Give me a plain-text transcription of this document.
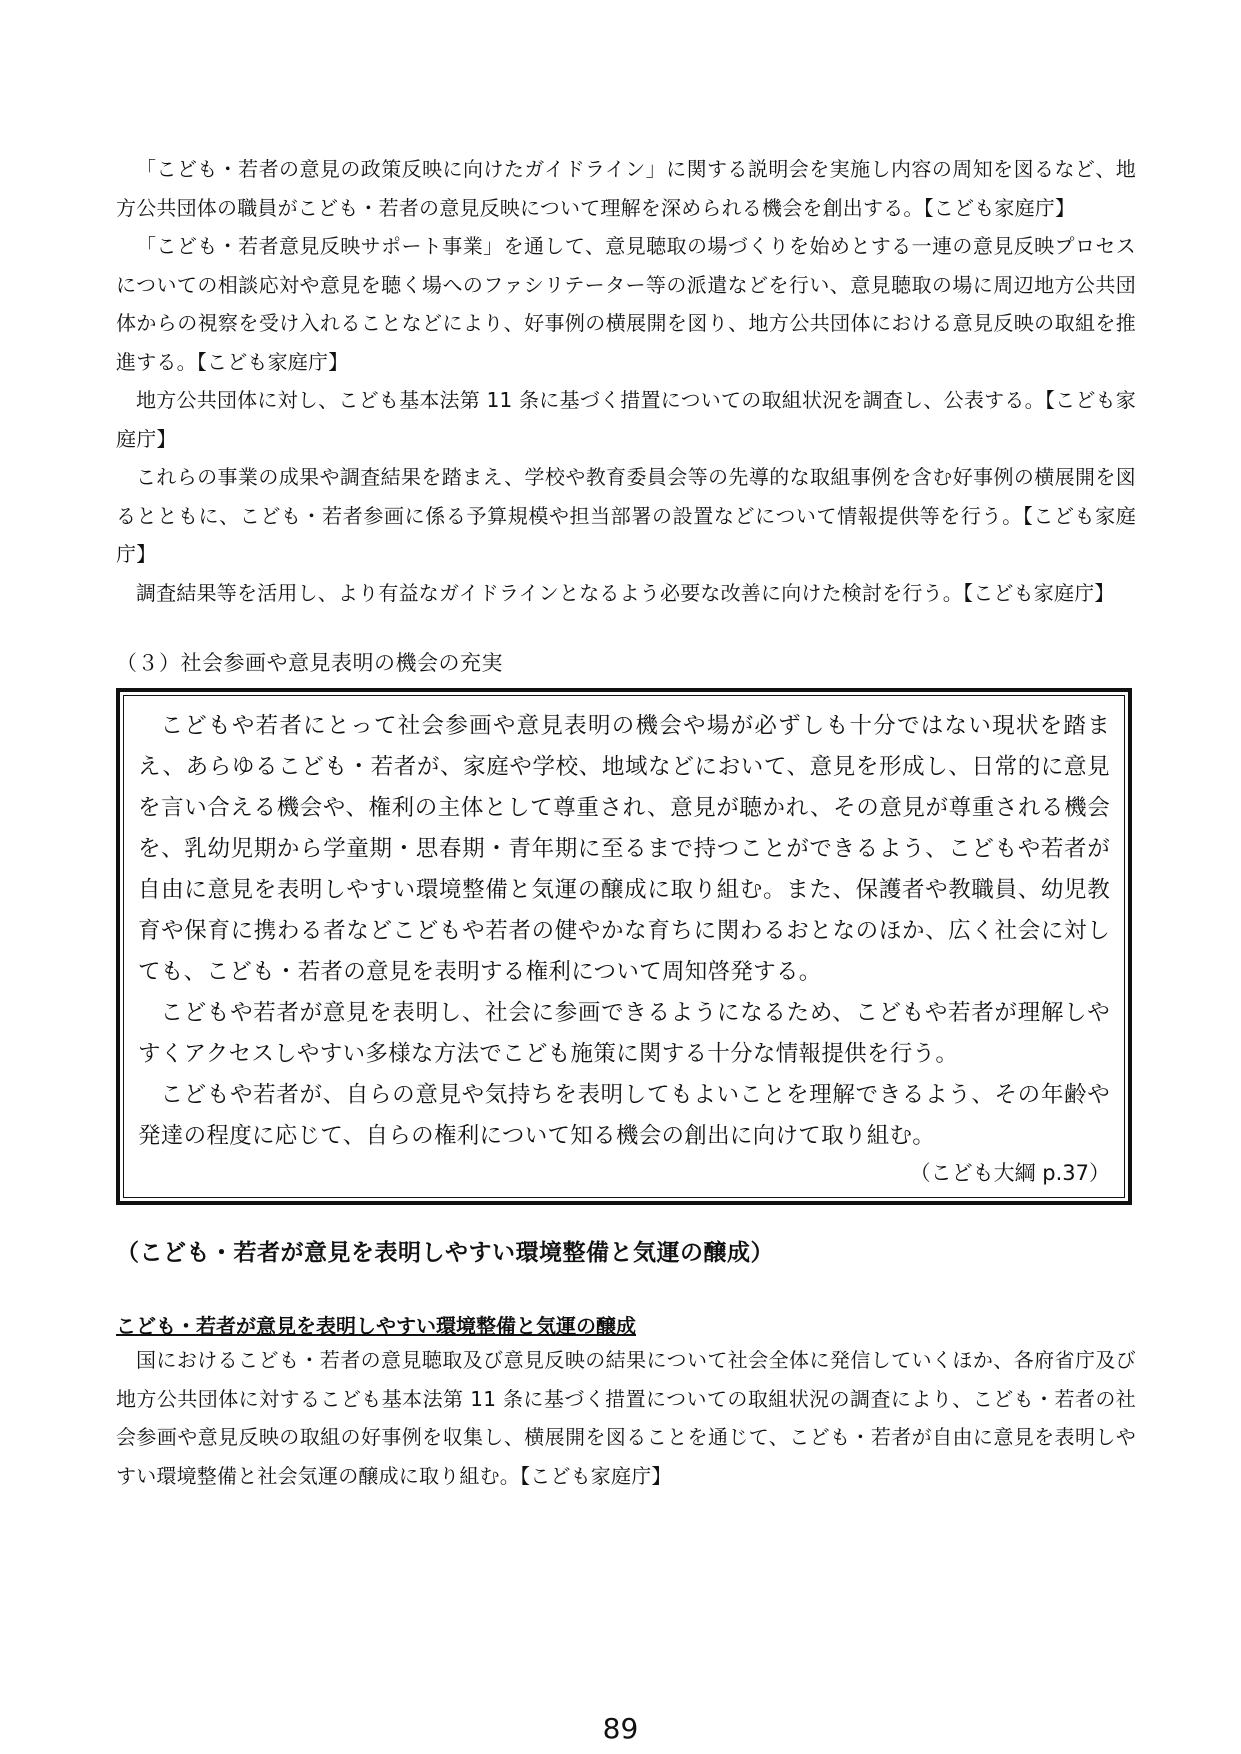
「こども・若者の意見の政策反映に向けたガイドライン」に関する説明会を実施し内容の周知を図るなど、地方公共団体の職員がこども・若者の意見反映について理解を深められる機会を創出する。【こども家庭庁】

「こども・若者意見反映サポート事業」を通して、意見聴取の場づくりを始めとする一連の意見反映プロセスについての相談応対や意見を聴く場へのファシリテーター等の派遣などを行い、意見聴取の場に周辺地方公共団体からの視察を受け入れることなどにより、好事例の横展開を図り、地方公共団体における意見反映の取組を推進する。【こども家庭庁】

地方公共団体に対し、こども基本法第 11 条に基づく措置についての取組状況を調査し、公表する。【こども家庭庁】

これらの事業の成果や調査結果を踏まえ、学校や教育委員会等の先導的な取組事例を含む好事例の横展開を図るとともに、こども・若者参画に係る予算規模や担当部署の設置などについて情報提供等を行う。【こども家庭庁】

調査結果等を活用し、より有益なガイドラインとなるよう必要な改善に向けた検討を行う。【こども家庭庁】

（３）社会参画や意見表明の機会の充実

こどもや若者にとって社会参画や意見表明の機会や場が必ずしも十分ではない現状を踏まえ、あらゆるこども・若者が、家庭や学校、地域などにおいて、意見を形成し、日常的に意見を言い合える機会や、権利の主体として尊重され、意見が聴かれ、その意見が尊重される機会を、乳幼児期から学童期・思春期・青年期に至るまで持つことができるよう、こどもや若者が自由に意見を表明しやすい環境整備と気運の醸成に取り組む。また、保護者や教職員、幼児教育や保育に携わる者などこどもや若者の健やかな育ちに関わるおとなのほか、広く社会に対しても、こども・若者の意見を表明する権利について周知啓発する。

こどもや若者が意見を表明し、社会に参画できるようになるため、こどもや若者が理解しやすくアクセスしやすい多様な方法でこども施策に関する十分な情報提供を行う。

こどもや若者が、自らの意見や気持ちを表明してもよいことを理解できるよう、その年齢や発達の程度に応じて、自らの権利について知る機会の創出に向けて取り組む。

（こども大綱 p.37）

（こども・若者が意見を表明しやすい環境整備と気運の醸成）
こども・若者が意見を表明しやすい環境整備と気運の醸成

国におけるこども・若者の意見聴取及び意見反映の結果について社会全体に発信していくほか、各府省庁及び地方公共団体に対するこども基本法第 11 条に基づく措置についての取組状況の調査により、こども・若者の社会参画や意見反映の取組の好事例を収集し、横展開を図ることを通じて、こども・若者が自由に意見を表明しやすい環境整備と社会気運の醸成に取り組む。【こども家庭庁】

89
